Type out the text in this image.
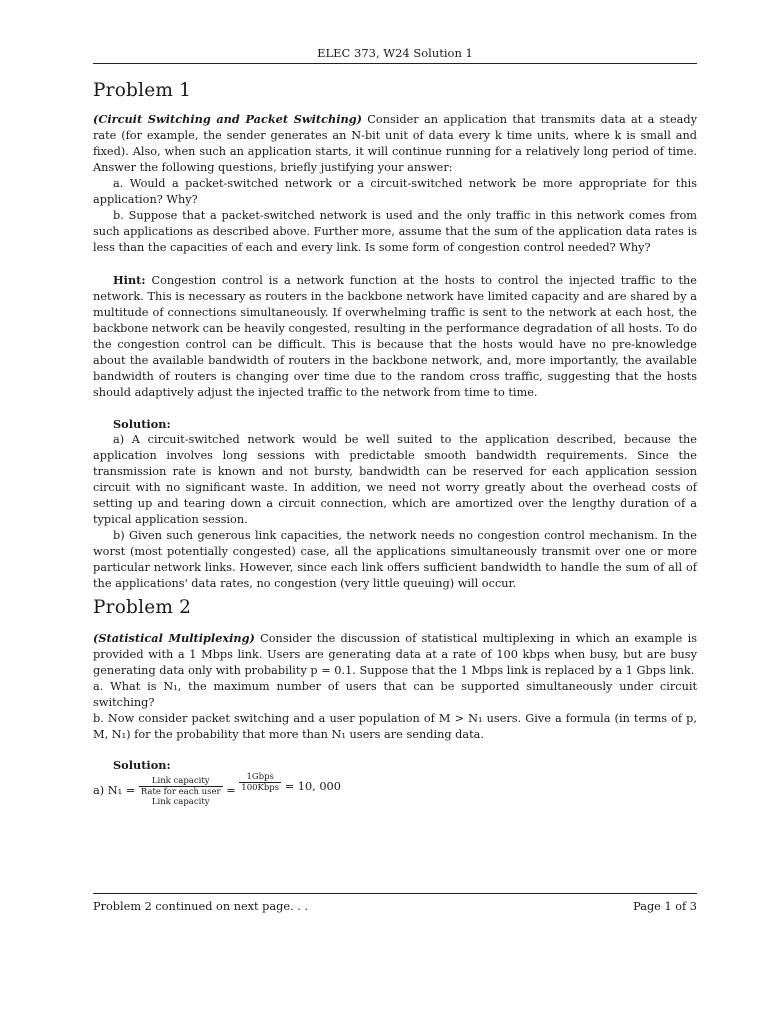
ELEC 373, W24 Solution 1
Problem 1

(Circuit Switching and Packet Switching) Consider an application that transmits data at a steady rate (for example, the sender generates an N-bit unit of data every k time units, where k is small and fixed). Also, when such an application starts, it will continue running for a relatively long period of time. Answer the following questions, briefly justifying your answer:

a. Would a packet-switched network or a circuit-switched network be more appropriate for this application? Why?

b. Suppose that a packet-switched network is used and the only traffic in this network comes from such applications as described above. Further more, assume that the sum of the application data rates is less than the capacities of each and every link. Is some form of congestion control needed? Why?

Hint: Congestion control is a network function at the hosts to control the injected traffic to the network. This is necessary as routers in the backbone network have limited capacity and are shared by a multitude of connections simultaneously. If overwhelming traffic is sent to the network at each host, the backbone network can be heavily congested, resulting in the performance degradation of all hosts. To do the congestion control can be difficult. This is because that the hosts would have no pre-knowledge about the available bandwidth of routers in the backbone network, and, more importantly, the available bandwidth of routers is changing over time due to the random cross traffic, suggesting that the hosts should adaptively adjust the injected traffic to the network from time to time.

Solution:

a) A circuit-switched network would be well suited to the application described, because the application involves long sessions with predictable smooth bandwidth requirements. Since the transmission rate is known and not bursty, bandwidth can be reserved for each application session circuit with no significant waste. In addition, we need not worry greatly about the overhead costs of setting up and tearing down a circuit connection, which are amortized over the lengthy duration of a typical application session.

b) Given such generous link capacities, the network needs no congestion control mechanism. In the worst (most potentially congested) case, all the applications simultaneously transmit over one or more particular network links. However, since each link offers sufficient bandwidth to handle the sum of all of the applications' data rates, no congestion (very little queuing) will occur.

Problem 2

(Statistical Multiplexing) Consider the discussion of statistical multiplexing in which an example is provided with a 1 Mbps link. Users are generating data at a rate of 100 kbps when busy, but are busy generating data only with probability p = 0.1. Suppose that the 1 Mbps link is replaced by a 1 Gbps link.

a. What is N₁, the maximum number of users that can be supported simultaneously under circuit switching?

b. Now consider packet switching and a user population of M > N₁ users. Give a formula (in terms of p, M, N₁) for the probability that more than N₁ users are sending data.

Solution:

a) N₁ =
Link capacity
Rate for each user
Link capacity
= $\frac{\text{1Gbps}}{\text{100Kbps}} = 10$, 000
Problem 2 continued on next page. . .	Page 1 of 3
